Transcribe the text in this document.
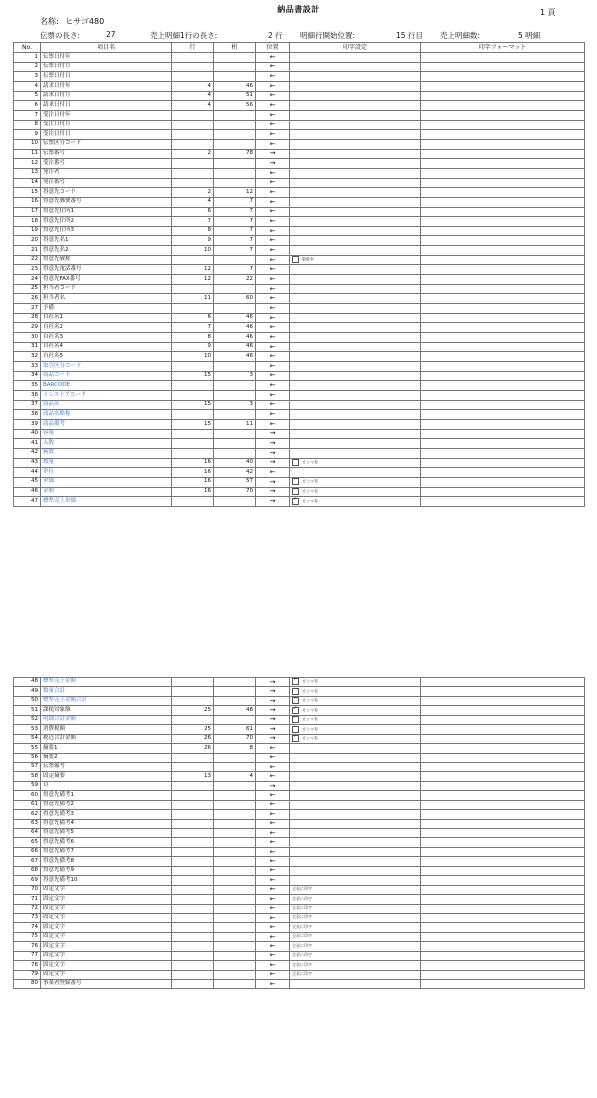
納品書設計	1 頁
名称: ヒサゴ480
伝票の長さ:	27	売上明細1行の長さ:	2 行 明細行開始位置:	15 行目 売上明細数:	5 明細
No.	項目名	行	桁	位置	印字設定	印字フォーマット
1	伝票日付年			←		
2	伝票日付月			←		
3	伝票日付日			←		
4	請求日付年	4	46	←		
5	請求日付月	4	51	←		
6	請求日付日	4	56	←		
7	受注日付年			←		
8	受注日付月			←		
9	受注日付日			←		
10	伝票区分コード			←		
11	伝票番号	2	78	→		
12	受注番号			→		
13	発注者			←		
14	発注番号			←		
15	得意先コード	2	12	←		
16	得意先郵便番号	4	7	←		
17	得意先住所1	6	7	←		
18	得意先住所2	7	7	←		
19	得意先住所3	8	7	←		
20	得意先名1	9	7	←		
21	得意先名2	10	7	←		
22	得意先敬称			←	敬称有	
23	得意先電話番号	12	7	←		
24	得意先FAX番号	12	22	←		
25	担当者コード			←		
26	担当者名	11	60	←		
27	予備			←		
28	自社名1	6	46	←		
29	自社名2	7	46	←		
30	自社名3	8	46	←		
31	自社名4	9	46	←		
32	自社名5	10	46	←		
33	取引区分コード			←		
34	商品コード	15	3	←		
35	BARCODE			←		
36	インストアコード			←		
37	商品名	15	3	←		
38	商品名略称			←		
39	商品備考	15	11	←		
40	容量			→		
41	入数			→		
42	箱数			→		
43	数量	16	40	→	カンマ有	
44	単位	16	42	←		
45	単価	16	57	→	✓カンマ有	
46	金額	16	70	→	✓カンマ有	
47	標準売上単価			→	✓カンマ有	
48	標準売上金額			→	✓カンマ有	
49	数量合計			→	カンマ有	
50	標準売上金額合計			→	✓カンマ有	
51	課税対象額	25	48	→	✓カンマ有	
52	明細合計金額			→	✓カンマ有	
53	消費税額	25	61	→	カンマ有	
54	税込合計金額	26	70	→	✓カンマ有	
55	摘要1	26	8	←		
56	摘要2			←		
57	伝票備考			←		
58	固定摘要	13	4	←		
59	頁			→		
60	得意先備考1			←		
61	得意先備考2			←		
62	得意先備考3			←		
63	得意先備考4			←		
64	得意先備考5			←		
65	得意先備考6			←		
66	得意先備考7			←		
67	得意先備考8			←		
68	得意先備考9			←		
69	得意先備考10			←		
70	固定文字			←	全頁に印字	
71	固定文字			←	全頁に印字	
72	固定文字			←	全頁に印字	
73	固定文字			←	全頁に印字	
74	固定文字			←	全頁に印字	
75	固定文字			←	全頁に印字	
76	固定文字			←	全頁に印字	
77	固定文字			←	全頁に印字	
78	固定文字			←	全頁に印字	
79	固定文字			←	全頁に印字	
80	事業者登録番号			←		
